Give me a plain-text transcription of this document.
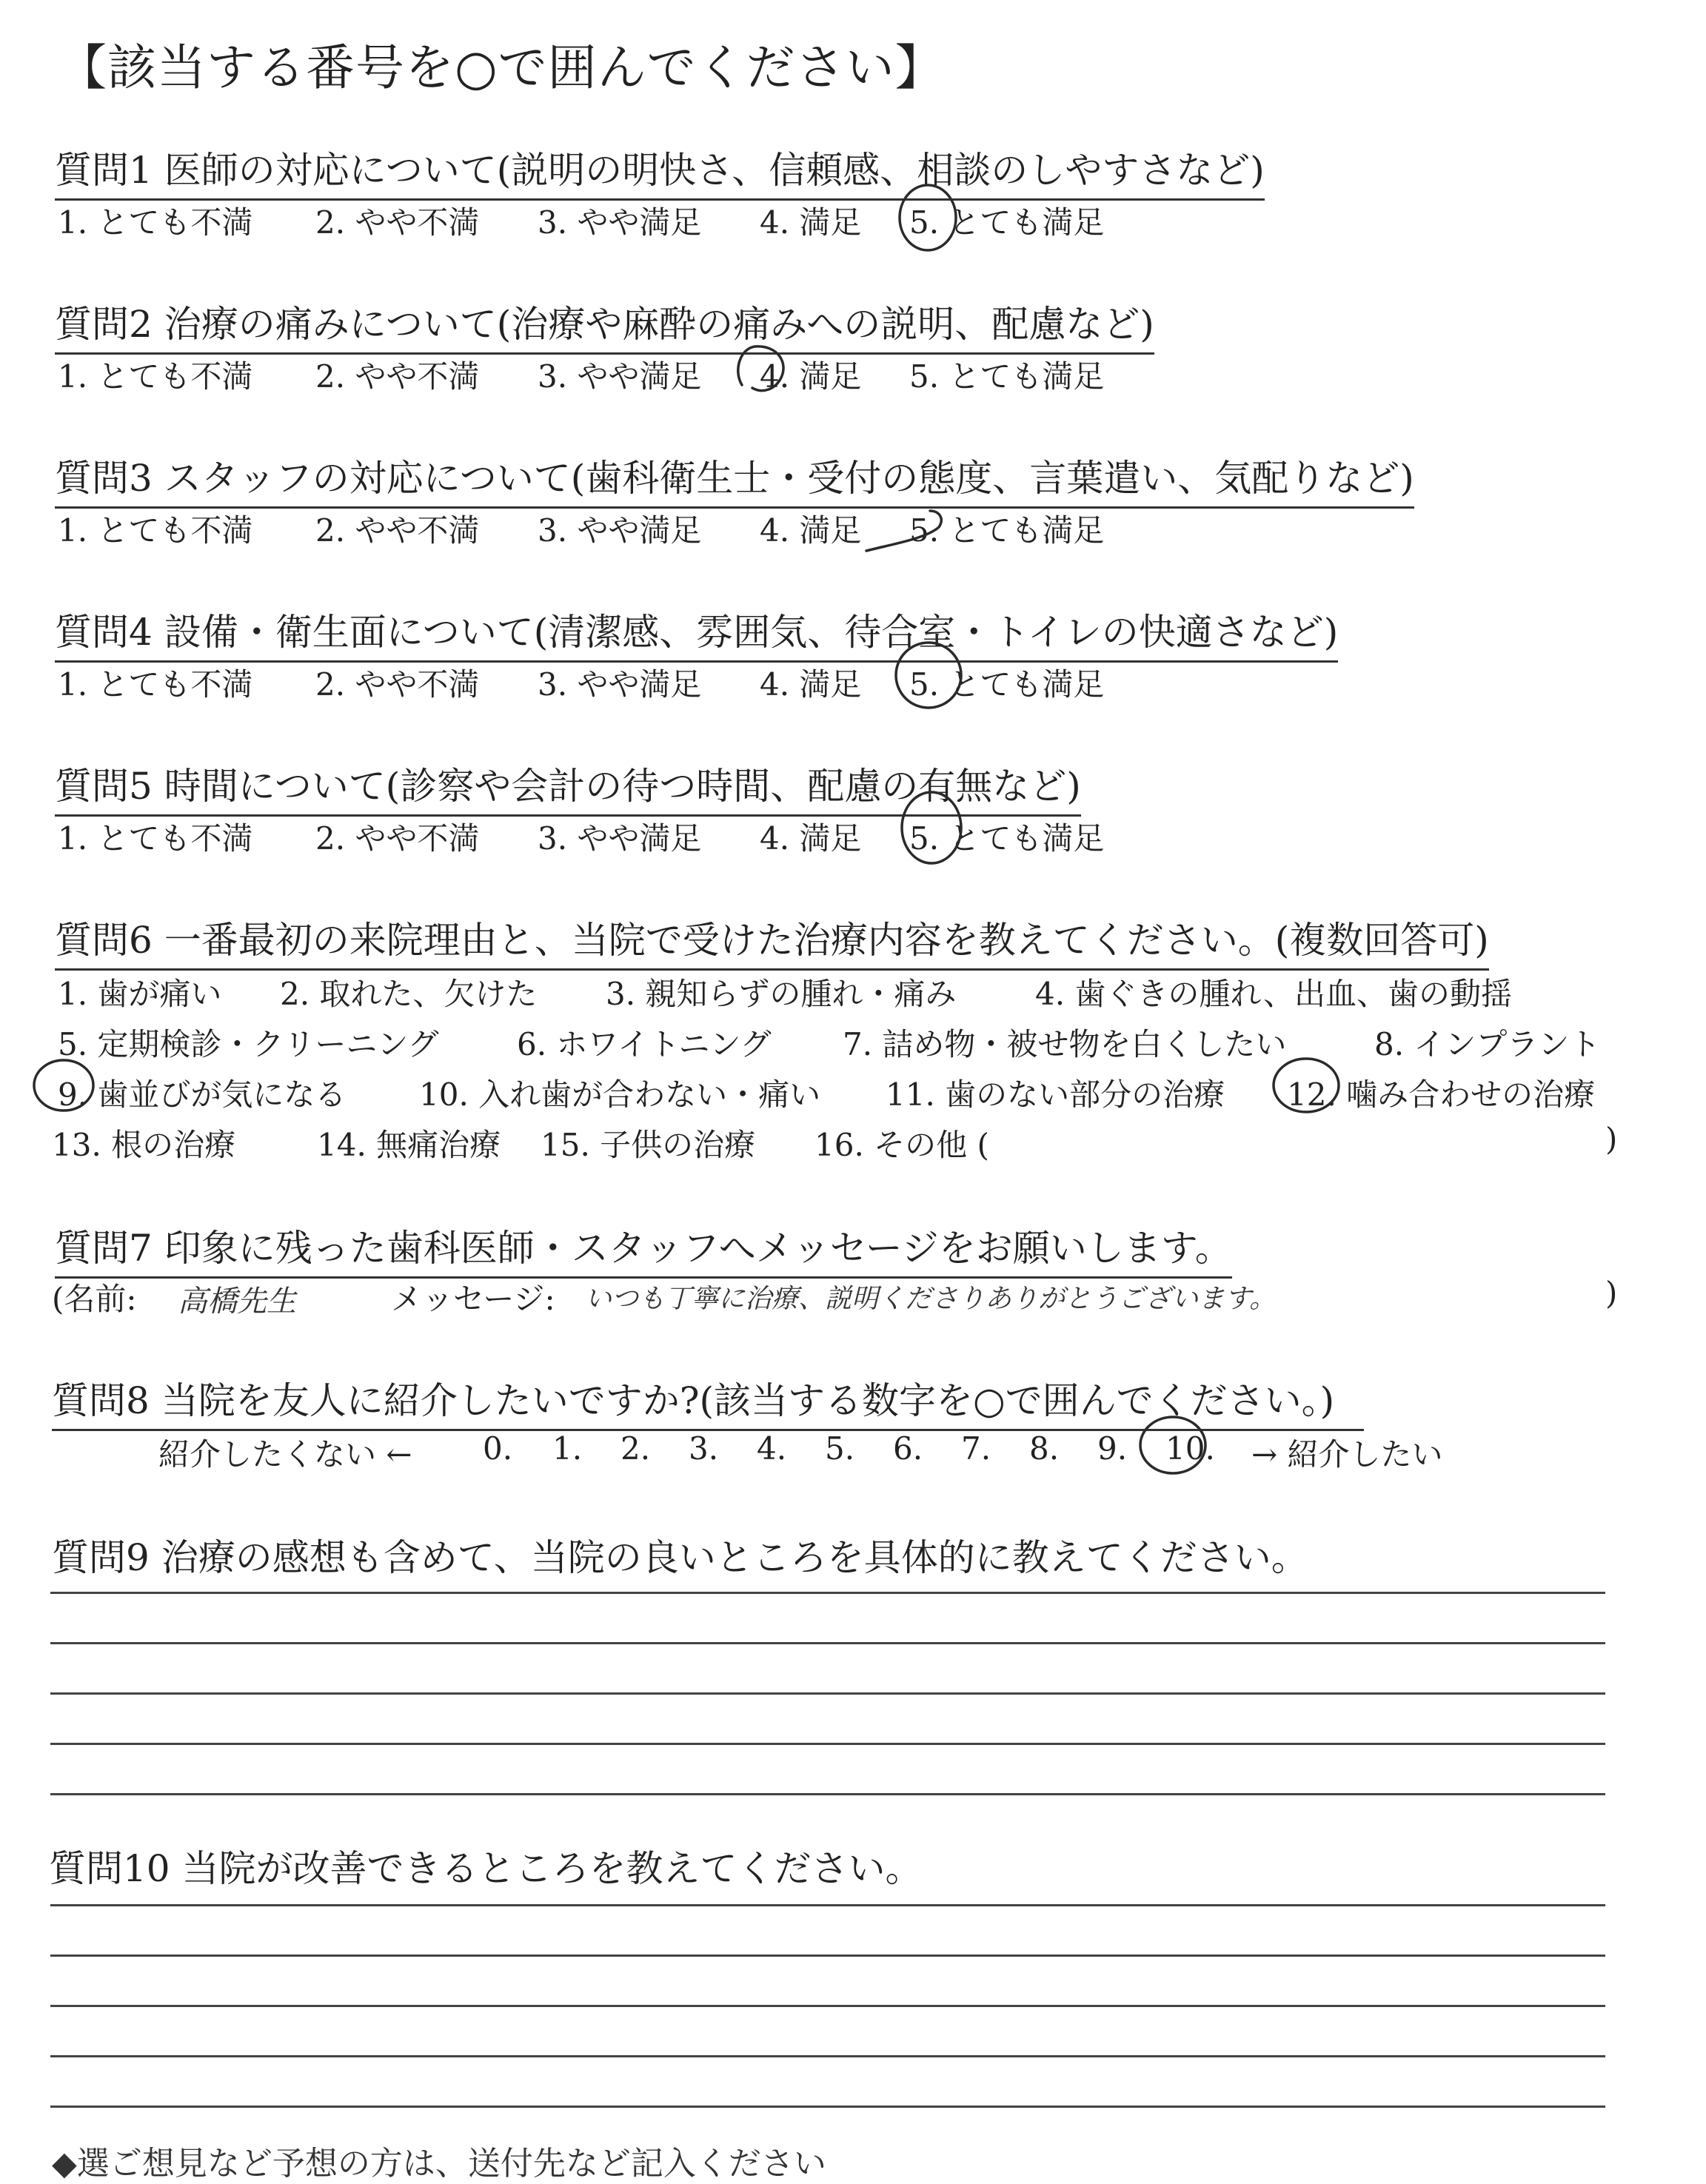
【該当する番号を○で囲んでください】
質問1 医師の対応について(説明の明快さ、信頼感、相談のしやすさなど)
1. とても不満 2. やや不満 3. やや満足 4. 満足 5. とても満足
質問2 治療の痛みについて(治療や麻酔の痛みへの説明、配慮など)
1. とても不満 2. やや不満 3. やや満足 4. 満足 5. とても満足
質問3 スタッフの対応について(歯科衛生士・受付の態度、言葉遣い、気配りなど)
1. とても不満 2. やや不満 3. やや満足 4. 満足 5. とても満足
質問4 設備・衛生面について(清潔感、雰囲気、待合室・トイレの快適さなど)
1. とても不満 2. やや不満 3. やや満足 4. 満足 5. とても満足
質問5 時間について(診察や会計の待つ時間、配慮の有無など)
1. とても不満 2. やや不満 3. やや満足 4. 満足 5. とても満足
質問6 一番最初の来院理由と、当院で受けた治療内容を教えてください。(複数回答可)
1. 歯が痛い 2. 取れた、欠けた 3. 親知らずの腫れ・痛み	4. 歯ぐきの腫れ、出血、歯の動揺
5. 定期検診・クリーニング	6. ホワイトニング 7. 詰め物・被せ物を白くしたい	8. インプラント
9. 歯並びが気になる 10. 入れ歯が合わない・痛い 11. 歯のない部分の治療 12. 噛み合わせの治療
13. 根の治療	14. 無痛治療 15. 子供の治療 16. その他 (	)
質問7 印象に残った歯科医師・スタッフへメッセージをお願いします。
(名前: 高橋先生	メッセージ: いつも丁寧に治療、説明くださりありがとうございます。	)
質問8 当院を友人に紹介したいですか?(該当する数字を○で囲んでください。)
紹介したくない ← 0. 1. 2. 3. 4. 5. 6. 7. 8. 9. 10. → 紹介したい
質問9 治療の感想も含めて、当院の良いところを具体的に教えてください。
質問10 当院が改善できるところを教えてください。
◆選ご想見など予想の方は、送付先など記入ください
